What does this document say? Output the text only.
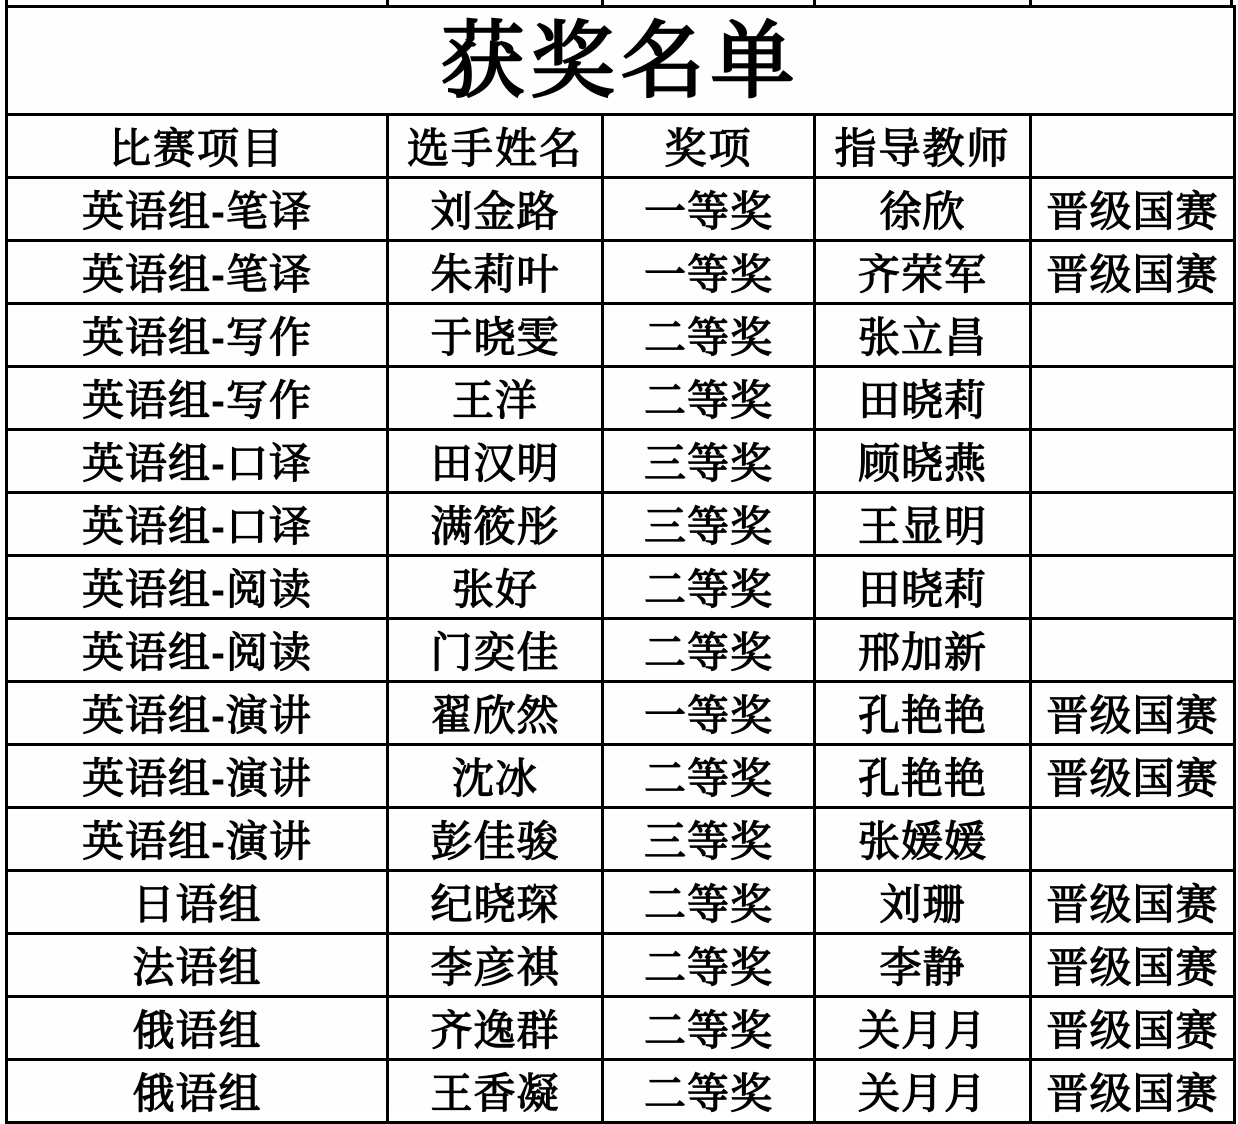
获奖名单				
比赛项目	选手姓名	奖项	指导教师	
英语组-笔译	刘金路	一等奖	徐欣	晋级国赛
英语组-笔译	朱莉叶	一等奖	齐荣军	晋级国赛
英语组-写作	于晓雯	二等奖	张立昌	
英语组-写作	王洋	二等奖	田晓莉	
英语组-口译	田汉明	三等奖	顾晓燕	
英语组-口译	满筱彤	三等奖	王显明	
英语组-阅读	张好	二等奖	田晓莉	
英语组-阅读	门奕佳	二等奖	邢加新	
英语组-演讲	翟欣然	一等奖	孔艳艳	晋级国赛
英语组-演讲	沈冰	二等奖	孔艳艳	晋级国赛
英语组-演讲	彭佳骏	三等奖	张媛媛	
日语组	纪晓琛	二等奖	刘珊	晋级国赛
法语组	李彦祺	二等奖	李静	晋级国赛
俄语组	齐逸群	二等奖	关月月	晋级国赛
俄语组	王香凝	二等奖	关月月	晋级国赛
